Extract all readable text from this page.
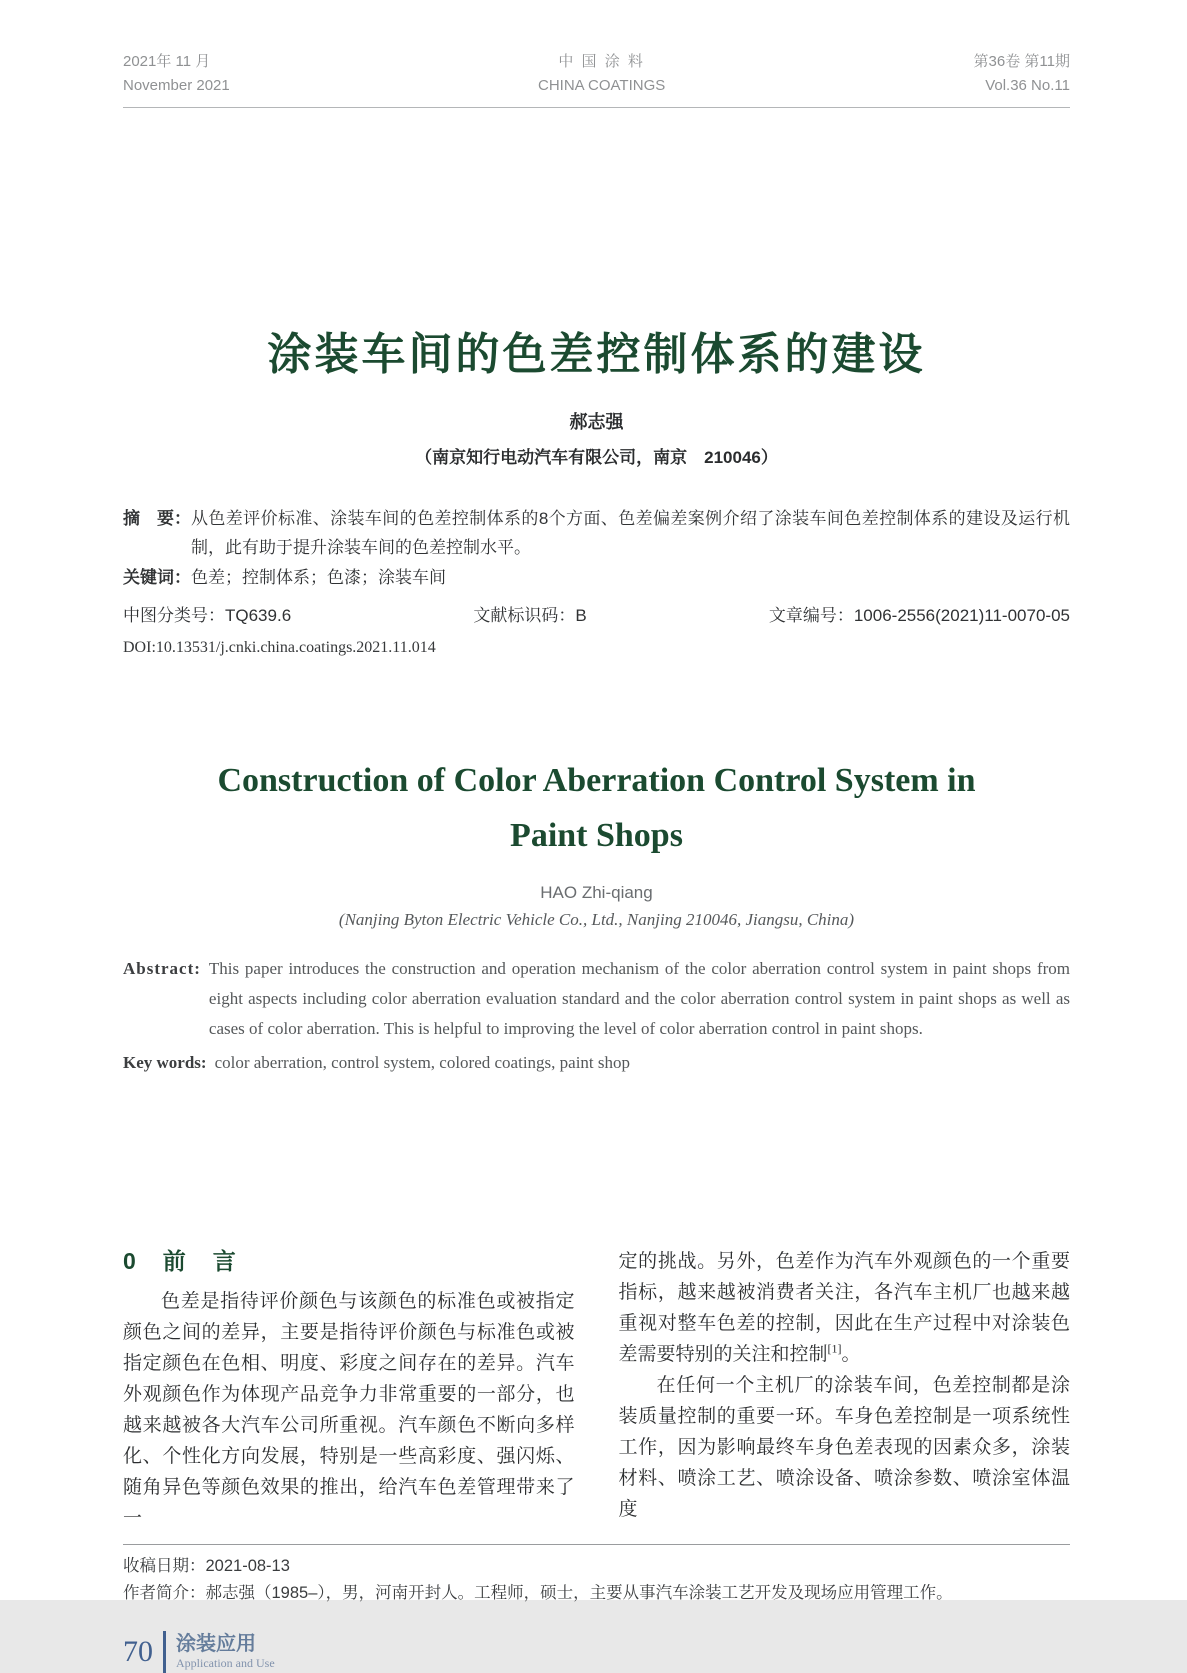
2021年 11 月
November 2021
中 国 涂 料
CHINA COATINGS
第36卷 第11期
Vol.36 No.11
涂装车间的色差控制体系的建设
郝志强
（南京知行电动汽车有限公司，南京　210046）
摘　要： 从色差评价标准、涂装车间的色差控制体系的8个方面、色差偏差案例介绍了涂装车间色差控制体系的建设及运行机制，此有助于提升涂装车间的色差控制水平。
关键词：色差；控制体系；色漆；涂装车间
中图分类号：TQ639.6	文献标识码：B	文章编号：1006-2556(2021)11-0070-05
DOI:10.13531/j.cnki.china.coatings.2021.11.014
Construction of Color Aberration Control System in
Paint Shops
HAO Zhi-qiang
(Nanjing Byton Electric Vehicle Co., Ltd., Nanjing 210046, Jiangsu, China)
Abstract: This paper introduces the construction and operation mechanism of the color aberration control system in paint shops from eight aspects including color aberration evaluation standard and the color aberration control system in paint shops as well as cases of color aberration. This is helpful to improving the level of color aberration control in paint shops.
Key words: color aberration, control system, colored coatings, paint shop
0　前　言

色差是指待评价颜色与该颜色的标准色或被指定颜色之间的差异，主要是指待评价颜色与标准色或被指定颜色在色相、明度、彩度之间存在的差异。汽车外观颜色作为体现产品竞争力非常重要的一部分，也越来越被各大汽车公司所重视。汽车颜色不断向多样化、个性化方向发展，特别是一些高彩度、强闪烁、随角异色等颜色效果的推出，给汽车色差管理带来了一

定的挑战。另外，色差作为汽车外观颜色的一个重要指标，越来越被消费者关注，各汽车主机厂也越来越重视对整车色差的控制，因此在生产过程中对涂装色差需要特别的关注和控制[1]。

在任何一个主机厂的涂装车间，色差控制都是涂装质量控制的重要一环。车身色差控制是一项系统性工作，因为影响最终车身色差表现的因素众多，涂装材料、喷涂工艺、喷涂设备、喷涂参数、喷涂室体温度

收稿日期：2021-08-13
作者简介：郝志强（1985–），男，河南开封人。工程师，硕士，主要从事汽车涂装工艺开发及现场应用管理工作。
70 涂装应用
Application and Use
